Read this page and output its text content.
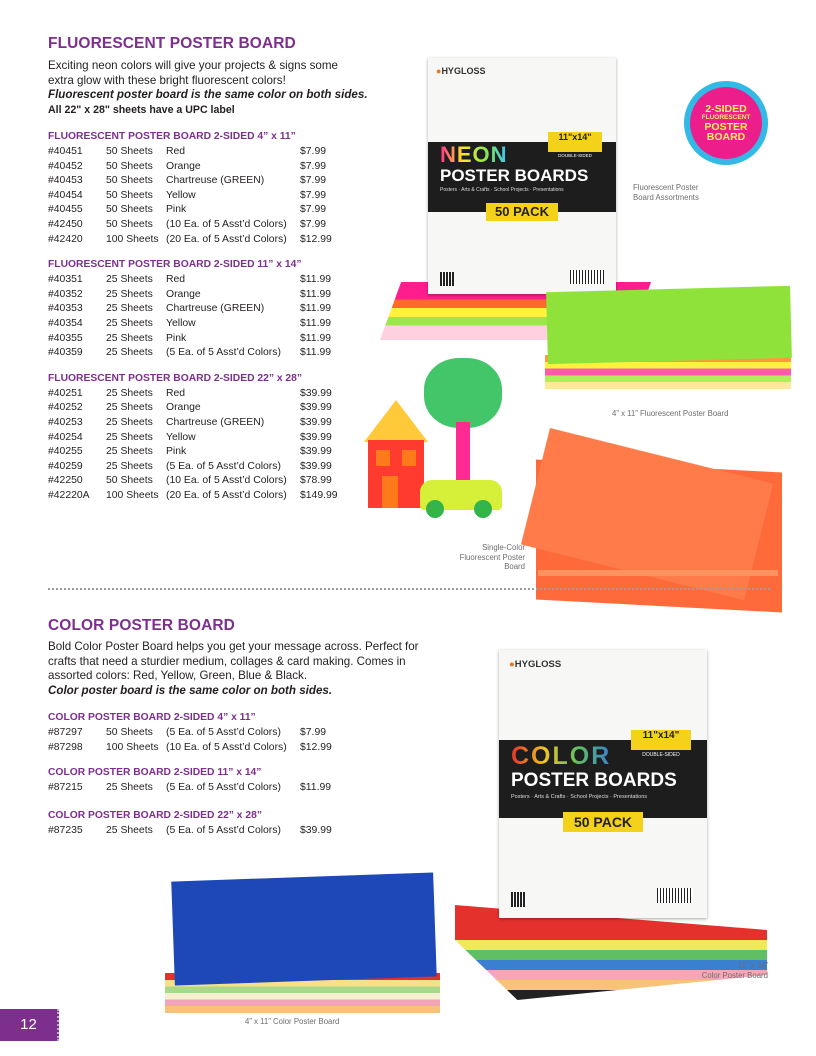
FLUORESCENT POSTER BOARD
Exciting neon colors will give your projects & signs some
extra glow with these bright fluorescent colors!
Fluorescent poster board is the same color on both sides.
All 22" x 28" sheets have a UPC label
FLUORESCENT POSTER BOARD 2-SIDED 4” x 11”
#40451 50 Sheets Red	$7.99
#40452 50 Sheets Orange	$7.99
#40453 50 Sheets Chartreuse (GREEN)	$7.99
#40454 50 Sheets Yellow	$7.99
#40455 50 Sheets Pink	$7.99
#42450 50 Sheets (10 Ea. of 5 Asst’d Colors) $7.99
#42420 100 Sheets (20 Ea. of 5 Asst’d Colors) $12.99
FLUORESCENT POSTER BOARD 2-SIDED 11” x 14”
#40351 25 Sheets Red	$11.99
#40352 25 Sheets Orange	$11.99
#40353 25 Sheets Chartreuse (GREEN)	$11.99
#40354 25 Sheets Yellow	$11.99
#40355 25 Sheets Pink	$11.99
#40359 25 Sheets (5 Ea. of 5 Asst’d Colors) $11.99
FLUORESCENT POSTER BOARD 2-SIDED 22” x 28”
#40251 25 Sheets Red	$39.99
#40252 25 Sheets Orange	$39.99
#40253 25 Sheets Chartreuse (GREEN)	$39.99
#40254 25 Sheets Yellow	$39.99
#40255 25 Sheets Pink	$39.99
#40259 25 Sheets (5 Ea. of 5 Asst’d Colors) $39.99
#42250 50 Sheets (10 Ea. of 5 Asst’d Colors) $78.99
#42220A 100 Sheets (20 Ea. of 5 Asst’d Colors) $149.99
●HYGLOSS
11"x14"

DOUBLE-SIDED
NEON
POSTER BOARDS
Posters · Arts & Crafts · School Projects · Presentations
50 PACK
2-SIDED
FLUORESCENT
POSTER
BOARD
Fluorescent Poster
Board Assortments
4” x 11” Fluorescent Poster Board
Single-Color
Fluorescent Poster Board
COLOR POSTER BOARD
Bold Color Poster Board helps you get your message across. Perfect for
crafts that need a sturdier medium, collages & card making. Comes in
assorted colors: Red, Yellow, Green, Blue & Black.
Color poster board is the same color on both sides.
COLOR POSTER BOARD 2-SIDED 4” x 11”
#87297 50 Sheets (5 Ea. of 5 Asst’d Colors) $7.99
#87298 100 Sheets (10 Ea. of 5 Asst’d Colors) $12.99
COLOR POSTER BOARD 2-SIDED 11” x 14”
#87215 25 Sheets (5 Ea. of 5 Asst’d Colors) $11.99
COLOR POSTER BOARD 2-SIDED 22” x 28”
#87235 25 Sheets (5 Ea. of 5 Asst’d Colors) $39.99
●HYGLOSS
11"x14"
DOUBLE-SIDED
COLOR
POSTER BOARDS
Posters · Arts & Crafts · School Projects · Presentations
50 PACK
11” x 14”
Color Poster Board
4” x 11” Color Poster Board
12
